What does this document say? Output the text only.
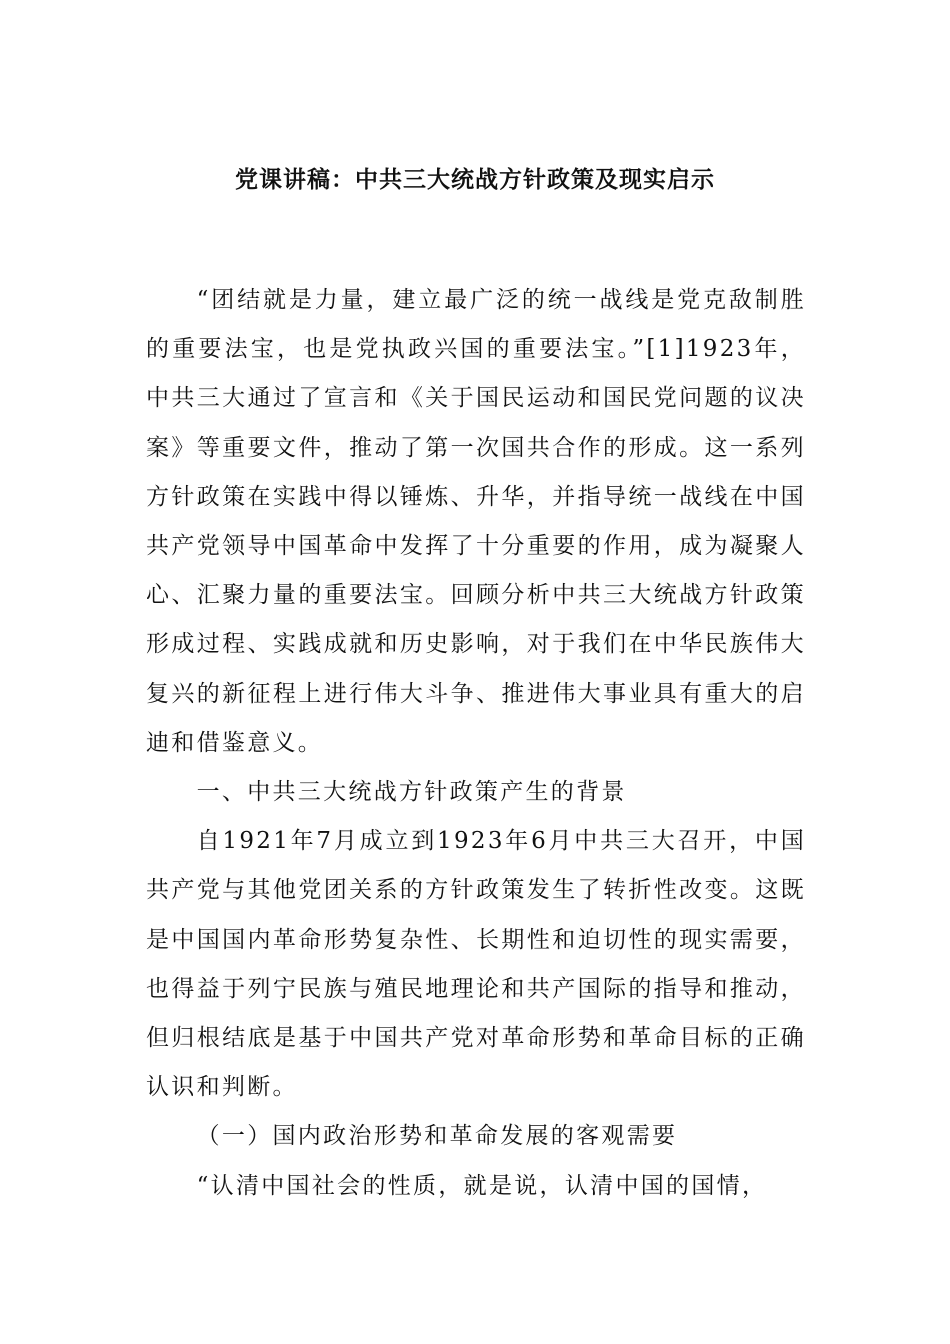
党课讲稿：中共三大统战方针政策及现实启示

“团结就是力量，建立最广泛的统一战线是党克敌制胜的重要法宝，也是党执政兴国的重要法宝。”[1]1923年，中共三大通过了宣言和《关于国民运动和国民党问题的议决案》等重要文件，推动了第一次国共合作的形成。这一系列方针政策在实践中得以锤炼、升华，并指导统一战线在中国共产党领导中国革命中发挥了十分重要的作用，成为凝聚人心、汇聚力量的重要法宝。回顾分析中共三大统战方针政策形成过程、实践成就和历史影响，对于我们在中华民族伟大复兴的新征程上进行伟大斗争、推进伟大事业具有重大的启迪和借鉴意义。

一、中共三大统战方针政策产生的背景

自1921年7月成立到1923年6月中共三大召开，中国共产党与其他党团关系的方针政策发生了转折性改变。这既是中国国内革命形势复杂性、长期性和迫切性的现实需要，也得益于列宁民族与殖民地理论和共产国际的指导和推动，但归根结底是基于中国共产党对革命形势和革命目标的正确认识和判断。

（一）国内政治形势和革命发展的客观需要

“认清中国社会的性质，就是说，认清中国的国情，
